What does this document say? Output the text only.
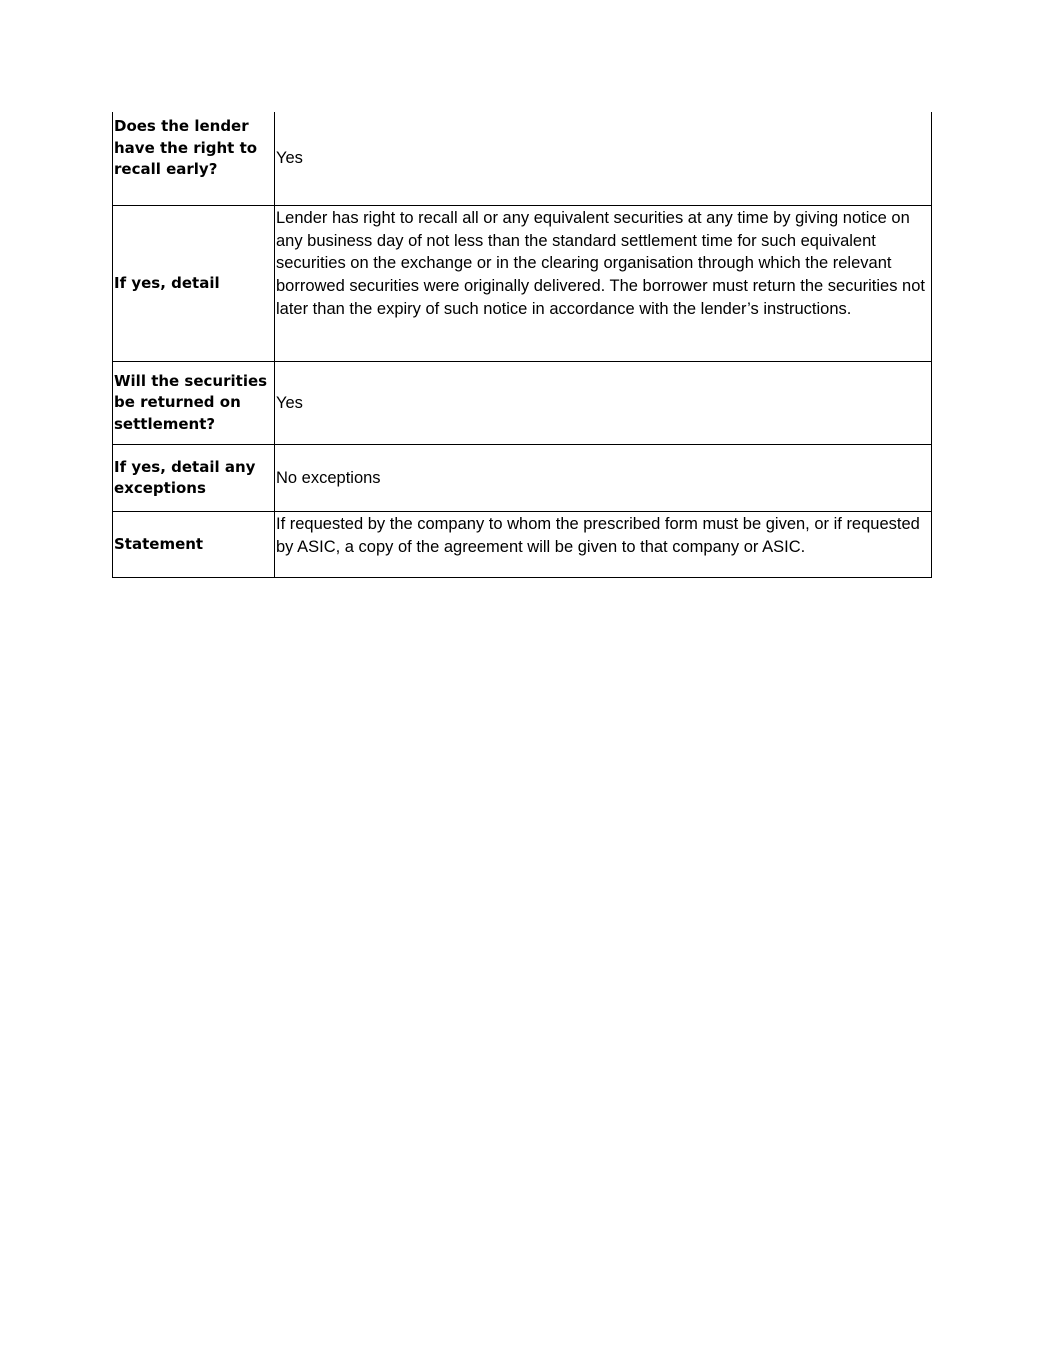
Does the lender have the right to recall early?	Yes
If yes, detail	Lender has right to recall all or any equivalent securities at any time by giving notice on any business day of not less than the standard settlement time for such equivalent securities on the exchange or in the clearing organisation through which the relevant borrowed securities were originally delivered. The borrower must return the securities not later than the expiry of such notice in accordance with the lender’s instructions.
Will the securities be returned on settlement?	Yes
If yes, detail any exceptions	No exceptions
Statement	If requested by the company to whom the prescribed form must be given, or if requested by ASIC, a copy of the agreement will be given to that company or ASIC.
